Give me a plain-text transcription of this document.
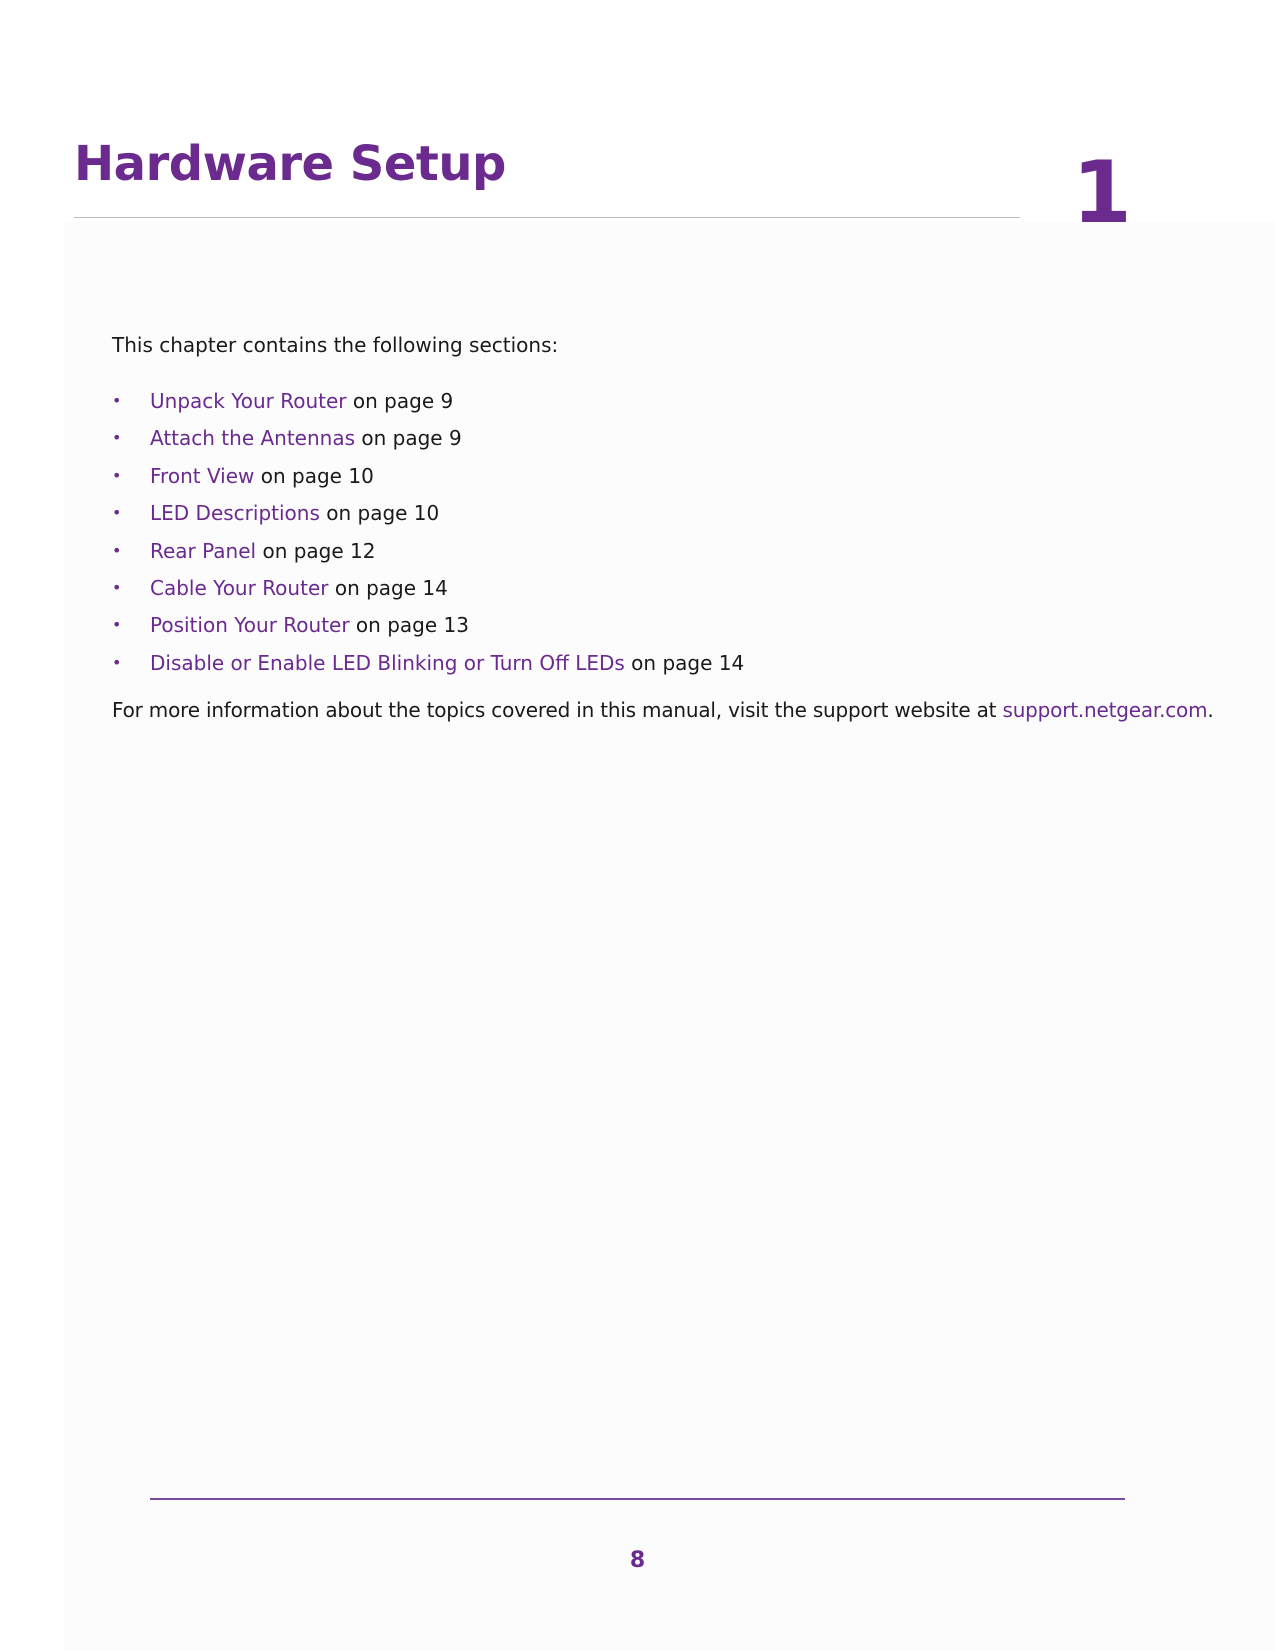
Hardware Setup	1

This chapter contains the following sections:

• Unpack Your Router on page 9
• Attach the Antennas on page 9
• Front View on page 10
• LED Descriptions on page 10
• Rear Panel on page 12
• Cable Your Router on page 14
• Position Your Router on page 13
• Disable or Enable LED Blinking or Turn Off LEDs on page 14

For more information about the topics covered in this manual, visit the support website at support.netgear.com.

8
